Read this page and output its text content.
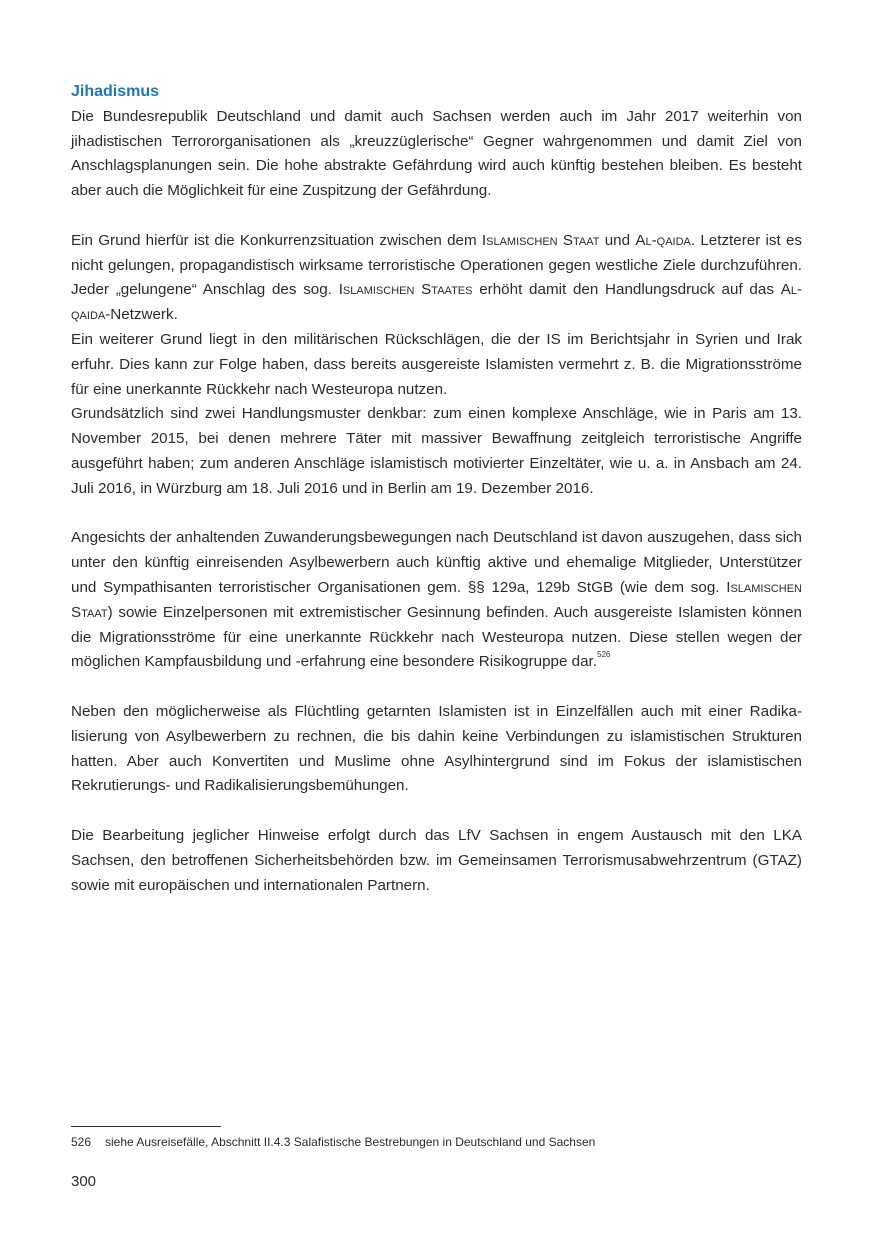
Jihadismus

Die Bundesrepublik Deutschland und damit auch Sachsen werden auch im Jahr 2017 weiterhin von jihadistischen Terrororganisationen als „kreuzzüglerische“ Gegner wahrgenommen und damit Ziel von Anschlagsplanungen sein. Die hohe abstrakte Gefährdung wird auch künftig bestehen bleiben. Es besteht aber auch die Möglichkeit für eine Zuspitzung der Gefährdung.

Ein Grund hierfür ist die Konkurrenzsituation zwischen dem Islamischen Staat und Al-qaida. Letzterer ist es nicht gelungen, propagandistisch wirksame terroristische Operationen gegen westliche Ziele durchzuführen. Jeder „gelungene“ Anschlag des sog. Islamischen Staates erhöht damit den Handlungsdruck auf das Al-qaida-Netzwerk.

Ein weiterer Grund liegt in den militärischen Rückschlägen, die der IS im Berichtsjahr in Syrien und Irak erfuhr. Dies kann zur Folge haben, dass bereits ausgereiste Islamisten vermehrt z. B. die Migrationsströme für eine unerkannte Rückkehr nach Westeuropa nutzen.

Grundsätzlich sind zwei Handlungsmuster denkbar: zum einen komplexe Anschläge, wie in Paris am 13. November 2015, bei denen mehrere Täter mit massiver Bewaffnung zeitgleich terroristische Angriffe ausgeführt haben; zum anderen Anschläge islamistisch motivierter Einzeltäter, wie u. a. in Ansbach am 24. Juli 2016, in Würzburg am 18. Juli 2016 und in Berlin am 19. Dezember 2016.

Angesichts der anhaltenden Zuwanderungsbewegungen nach Deutschland ist davon auszugehen, dass sich unter den künftig einreisenden Asylbewerbern auch künftig aktive und ehemalige Mitglieder, Unterstützer und Sympathisanten terroristischer Organisationen gem. §§ 129a, 129b StGB (wie dem sog. Islamischen Staat) sowie Einzelpersonen mit extremistischer Gesinnung befinden. Auch ausgereiste Islamisten können die Migrationsströme für eine unerkannte Rückkehr nach Westeuropa nutzen. Diese stellen wegen der möglichen Kampfausbildung und -erfahrung eine besondere Risikogruppe dar.$^{526}$

Neben den möglicherweise als Flüchtling getarnten Islamisten ist in Einzelfällen auch mit einer Radikalisierung von Asylbewerbern zu rechnen, die bis dahin keine Verbindungen zu islamistischen Strukturen hatten. Aber auch Konvertiten und Muslime ohne Asylhintergrund sind im Fokus der islamistischen Rekrutierungs- und Radikalisierungsbemühungen.

Die Bearbeitung jeglicher Hinweise erfolgt durch das LfV Sachsen in engem Austausch mit den LKA Sachsen, den betroffenen Sicherheitsbehörden bzw. im Gemeinsamen Terrorismusabwehrzentrum (GTAZ) sowie mit europäischen und internationalen Partnern.

526 siehe Ausreisefälle, Abschnitt II.4.3 Salafistische Bestrebungen in Deutschland und Sachsen
300
